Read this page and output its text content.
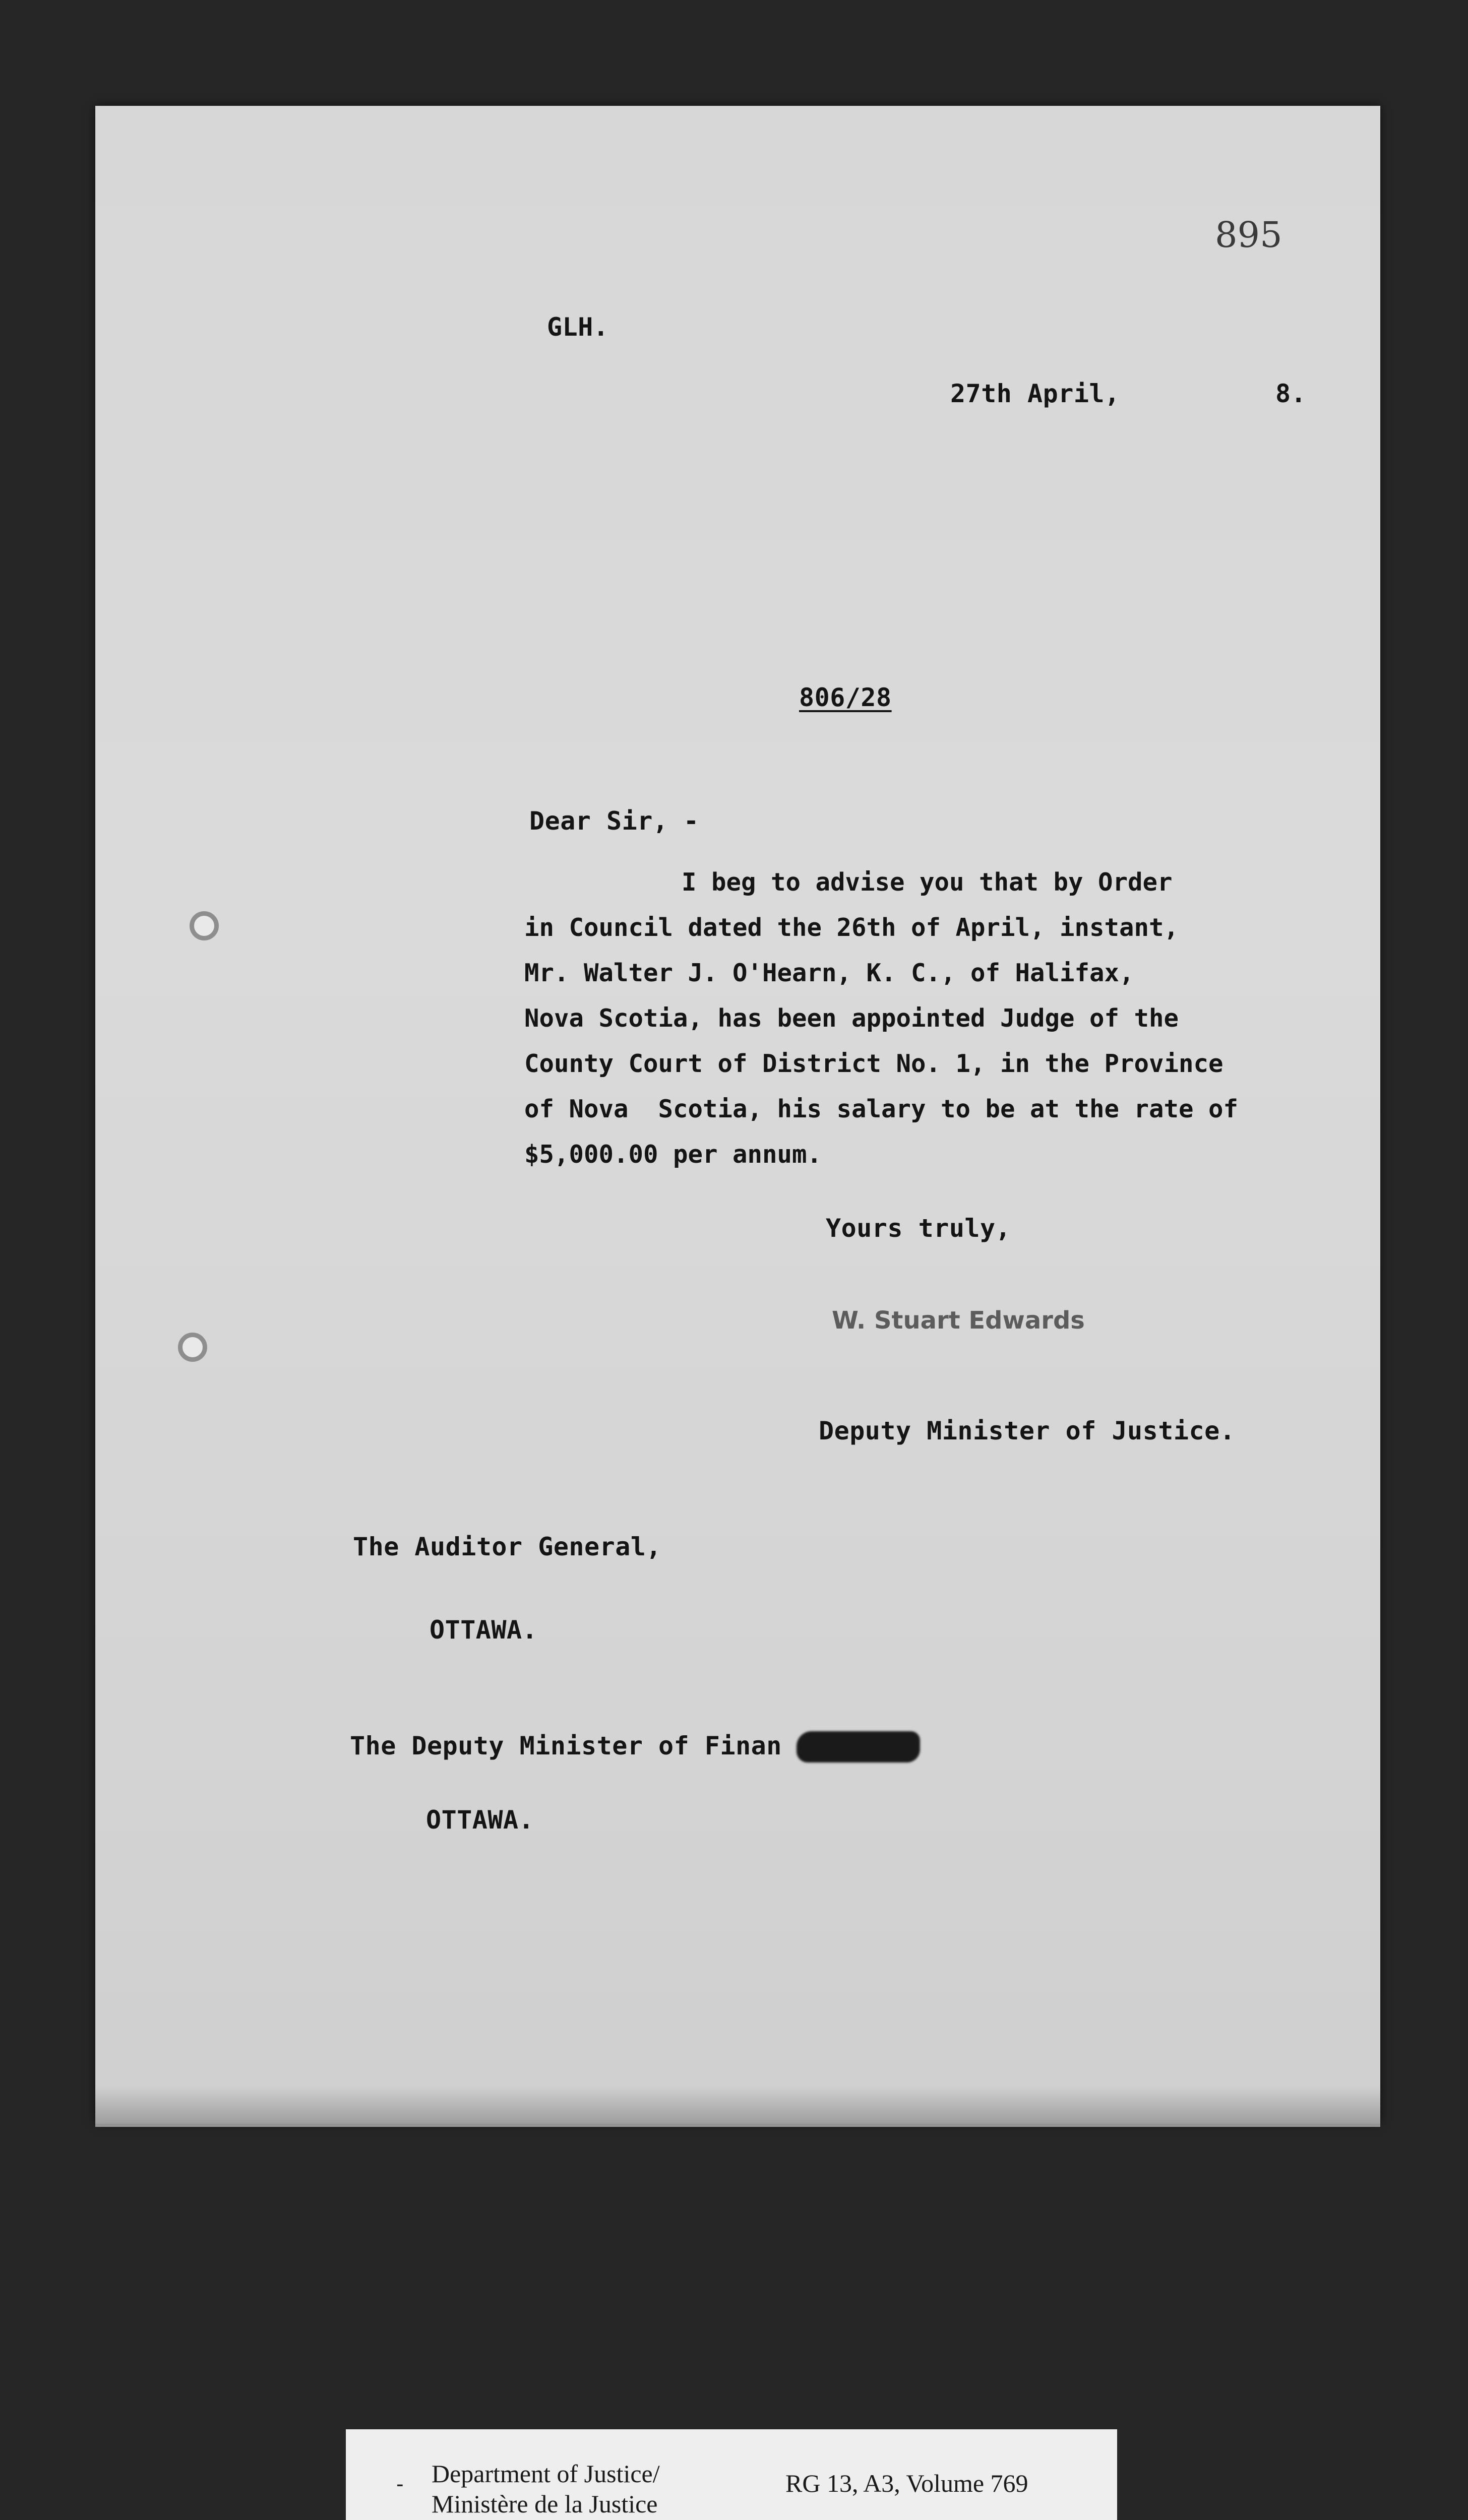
895
GLH.
27th April,	8.
806/28
Dear Sir, -
I beg to advise you that by Order
in Council dated the 26th of April, instant,
Mr. Walter J. O'Hearn, K. C., of Halifax,
Nova Scotia, has been appointed Judge of the
County Court of District No. 1, in the Province
of Nova  Scotia, his salary to be at the rate of
$5,000.00 per annum.
Yours truly,
W. Stuart Edwards
Deputy Minister of Justice.
The Auditor General,
OTTAWA.
The Deputy Minister of Finan
OTTAWA.
- Department of Justice/
Ministère de la Justice
RG 13, A3, Volume 769
